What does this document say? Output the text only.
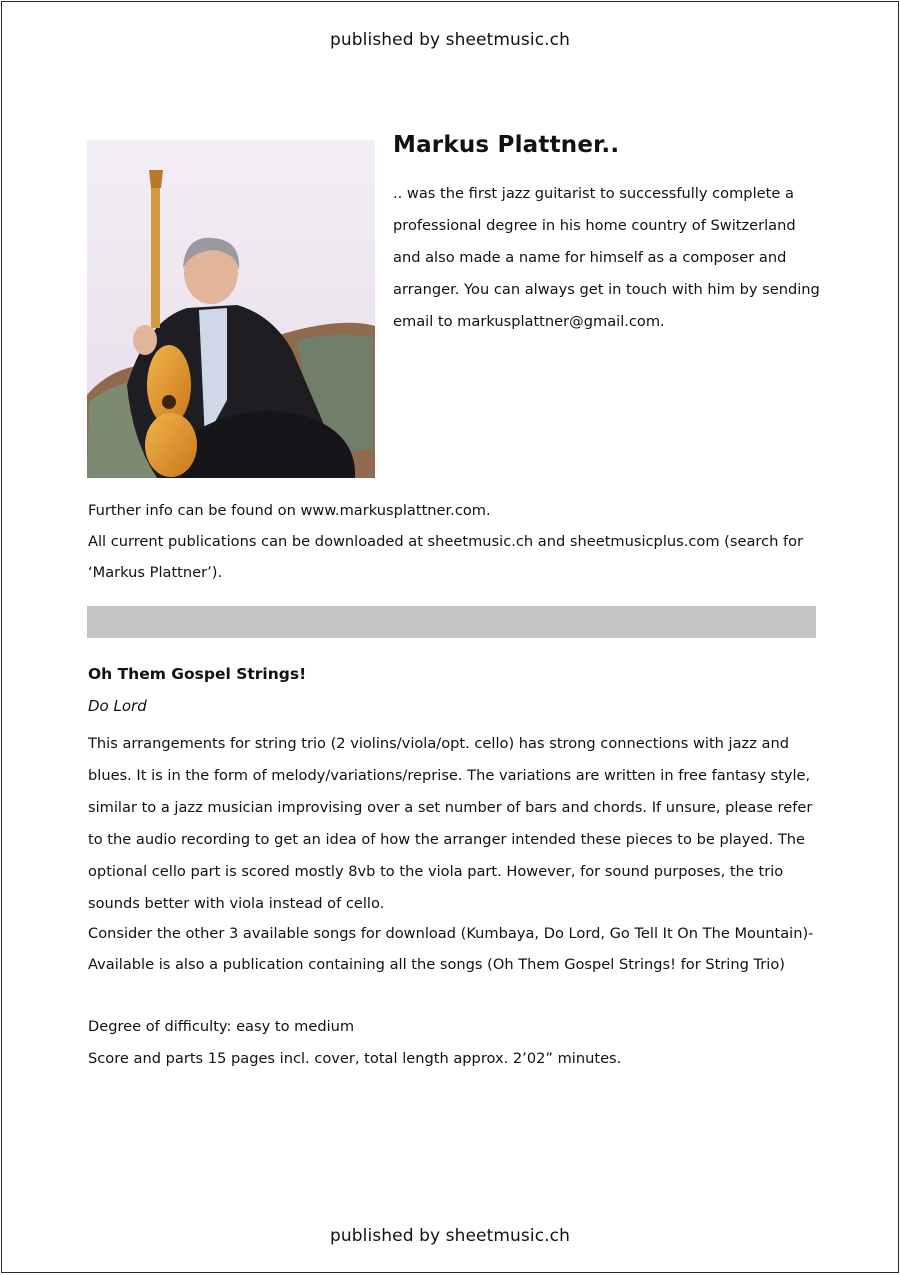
published by sheetmusic.ch
Markus Plattner..
.. was the first jazz guitarist to successfully complete a professional degree in his home country of Switzerland and also made a name for himself as a composer and arranger. You can always get in touch with him by sending email to markusplattner@gmail.com.

Further info can be found on www.markusplattner.com.

All current publications can be downloaded at sheetmusic.ch and sheetmusicplus.com (search for ‘Markus Plattner’).

Oh Them Gospel Strings!

Do Lord

This arrangements for string trio (2 violins/viola/opt. cello) has strong connections with jazz and blues. It is in the form of melody/variations/reprise. The variations are written in free fantasy style, similar to a jazz musician improvising over a set number of bars and chords. If unsure, please refer to the audio recording to get an idea of how the arranger intended these pieces to be played. The optional cello part is scored mostly 8vb to the viola part. However, for sound purposes, the trio sounds better with viola instead of cello.

Consider the other 3 available songs for download (Kumbaya, Do Lord, Go Tell It On The Mountain)- Available is also a publication containing all the songs (Oh Them Gospel Strings! for String Trio)

Degree of difficulty: easy to medium

Score and parts 15 pages incl. cover, total length approx. 2’02” minutes.

published by sheetmusic.ch
